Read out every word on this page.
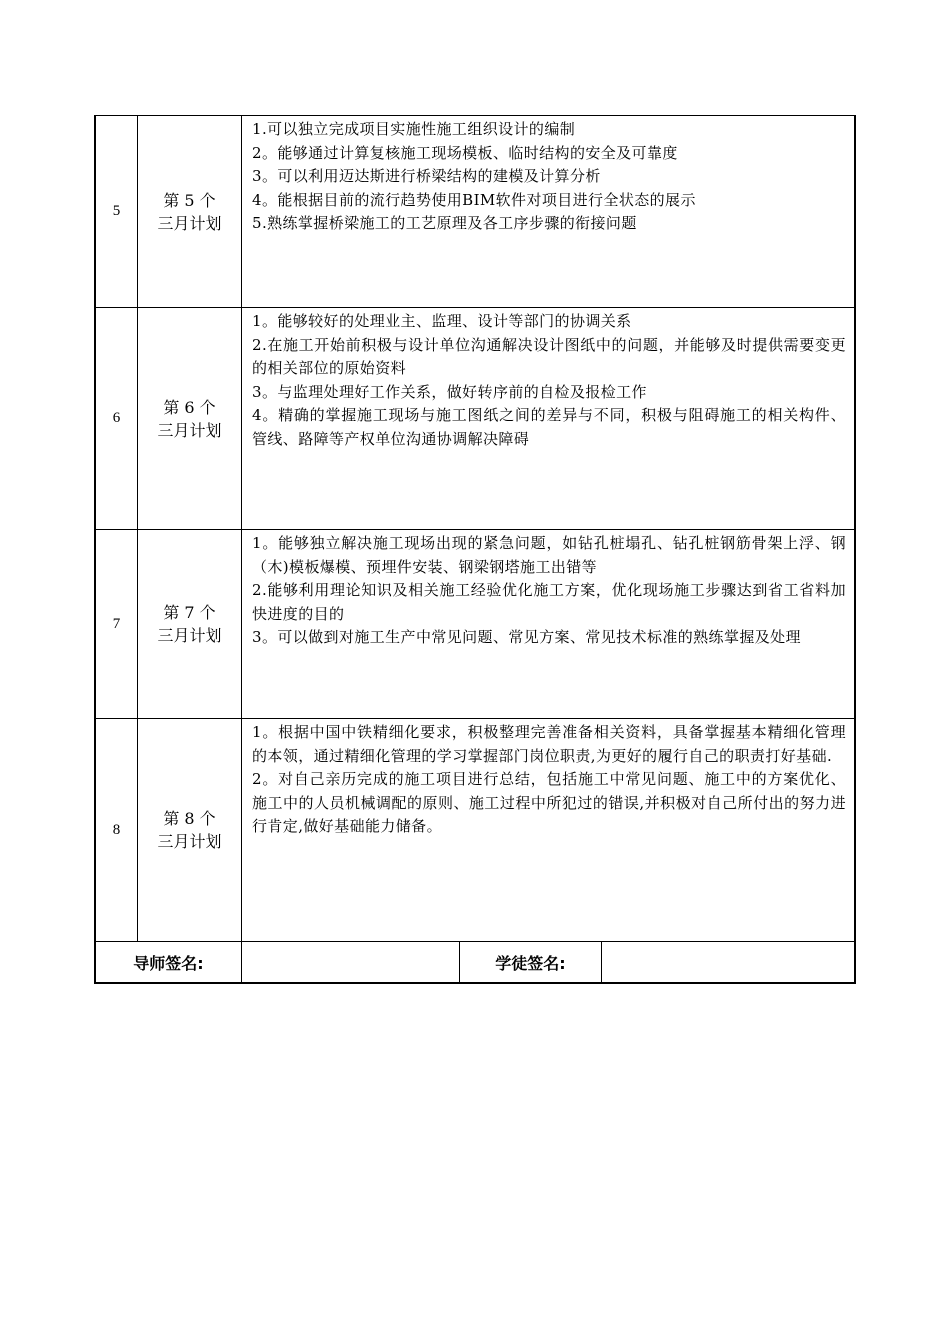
5
第 5 个
三月计划

1.可以独立完成项目实施性施工组织设计的编制

2。能够通过计算复核施工现场模板、临时结构的安全及可靠度

3。可以利用迈达斯进行桥梁结构的建模及计算分析

4。能根据目前的流行趋势使用BIM软件对项目进行全状态的展示

5.熟练掌握桥梁施工的工艺原理及各工序步骤的衔接问题

6
第 6 个
三月计划

1。能够较好的处理业主、监理、设计等部门的协调关系

2.在施工开始前积极与设计单位沟通解决设计图纸中的问题，并能够及时提供需要变更的相关部位的原始资料

3。与监理处理好工作关系，做好转序前的自检及报检工作

4。精确的掌握施工现场与施工图纸之间的差异与不同，积极与阻碍施工的相关构件、管线、路障等产权单位沟通协调解决障碍

7
第 7 个
三月计划

1。能够独立解决施工现场出现的紧急问题，如钻孔桩塌孔、钻孔桩钢筋骨架上浮、钢（木)模板爆模、预埋件安装、钢梁钢塔施工出错等

2.能够利用理论知识及相关施工经验优化施工方案，优化现场施工步骤达到省工省料加快进度的目的

3。可以做到对施工生产中常见问题、常见方案、常见技术标准的熟练掌握及处理

8
第 8 个
三月计划

1。根据中国中铁精细化要求，积极整理完善准备相关资料，具备掌握基本精细化管理的本领，通过精细化管理的学习掌握部门岗位职责,为更好的履行自己的职责打好基础.

2。对自己亲历完成的施工项目进行总结，包括施工中常见问题、施工中的方案优化、施工中的人员机械调配的原则、施工过程中所犯过的错误,并积极对自己所付出的努力进行肯定,做好基础能力储备。

导师签名:	学徒签名:
